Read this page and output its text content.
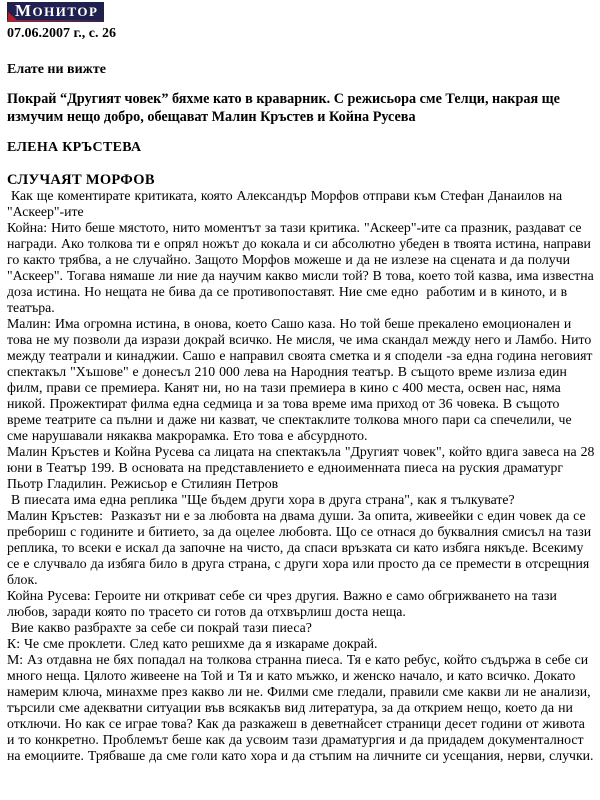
МОНИТОР
07.06.2007 г., с. 26
Елате ни вижте
Покрай “Другият човек” бяхме като в краварник. С режисьора сме Телци, накрая ще измучим нещо добро, обещават Малин Кръстев и Койна Русева
ЕЛЕНА КРЪСТЕВА
СЛУЧАЯТ МОРФОВ

Как ще коментирате критиката, която Александър Морфов отправи към Стефан Данаилов на "Аскеер"-ите

Койна: Нито беше мястото, нито моментът за тази критика. "Аскеер"-ите са празник, раздават се награди. Ако толкова ти е опрял ножът до кокала и си абсолютно убеден в твоята истина, направи го както трябва, а не случайно. Защото Морфов можеше и да не излезе на сцената и да получи "Аскеер". Тогава нямаше ли ние да научим какво мисли той? В това, което той казва, има известна доза истина. Но нещата не бива да се противопоставят. Ние сме едно  работим и в киното, и в театъра.

Малин: Има огромна истина, в онова, което Сашо каза. Но той беше прекалено емоционален и това не му позволи да изрази докрай всичко. Не мисля, че има скандал между него и Ламбо. Нито между театрали и кинаджии. Сашо е направил своята сметка и я сподели -за една година неговият спектакъл "Хъшове" е донесъл 210 000 лева на Народния театър. В същото време излиза един филм, прави се премиера. Канят ни, но на тази премиера в кино с 400 места, освен нас, няма никой. Прожектират филма една седмица и за това време има приход от 36 човека. В същото време театрите са пълни и даже ни казват, че спектаклите толкова много пари са спечелили, че сме нарушавали някаква макрорамка. Ето това е абсурдното.

Малин Кръстев и Койна Русева са лицата на спектакъла "Другият човек", който вдига завеса на 28 юни в Театър 199. В основата на представлението е едноименната пиеса на руския драматург Пьотр Гладилин. Режисьор е Стилиян Петров

В пиесата има една реплика "Ще бъдем други хора в друга страна", как я тълкувате?

Малин Кръстев:  Разказът ни е за любовта на двама души. За опита, живеейки с един човек да се пребориш с годините и битието, за да оцелее любовта. Що се отнася до буквалния смисъл на тази реплика, то всеки е искал да започне на чисто, да спаси връзката си като избяга някъде. Всекиму се е случвало да избяга било в друга страна, с други хора или просто да се премести в отсрещния блок.

Койна Русева: Героите ни откриват себе си чрез другия. Важно е само обгрижването на тази любов, заради която по трасето си готов да отхвърлиш доста неща.

Вие какво разбрахте за себе си покрай тази пиеса?

К: Че сме проклети. След като решихме да я изкараме докрай.

М: Аз отдавна не бях попадал на толкова странна пиеса. Тя е като ребус, който съдържа в себе си много неща. Цялото живеене на Той и Тя и като мъжко, и женско начало, и като всичко. Докато намерим ключа, минахме през какво ли не. Филми сме гледали, правили сме какви ли не анализи, търсили сме адекватни ситуации във всякакъв вид литература, за да открием нещо, което да ни отключи. Но как се играе това? Как да разкажеш в деветнайсет страници десет години от живота и то конкретно. Проблемът беше как да усвоим тази драматургия и да придадем документалност на емоциите. Трябваше да сме голи като хора и да стъпим на личните си усещания, нерви, случки.
